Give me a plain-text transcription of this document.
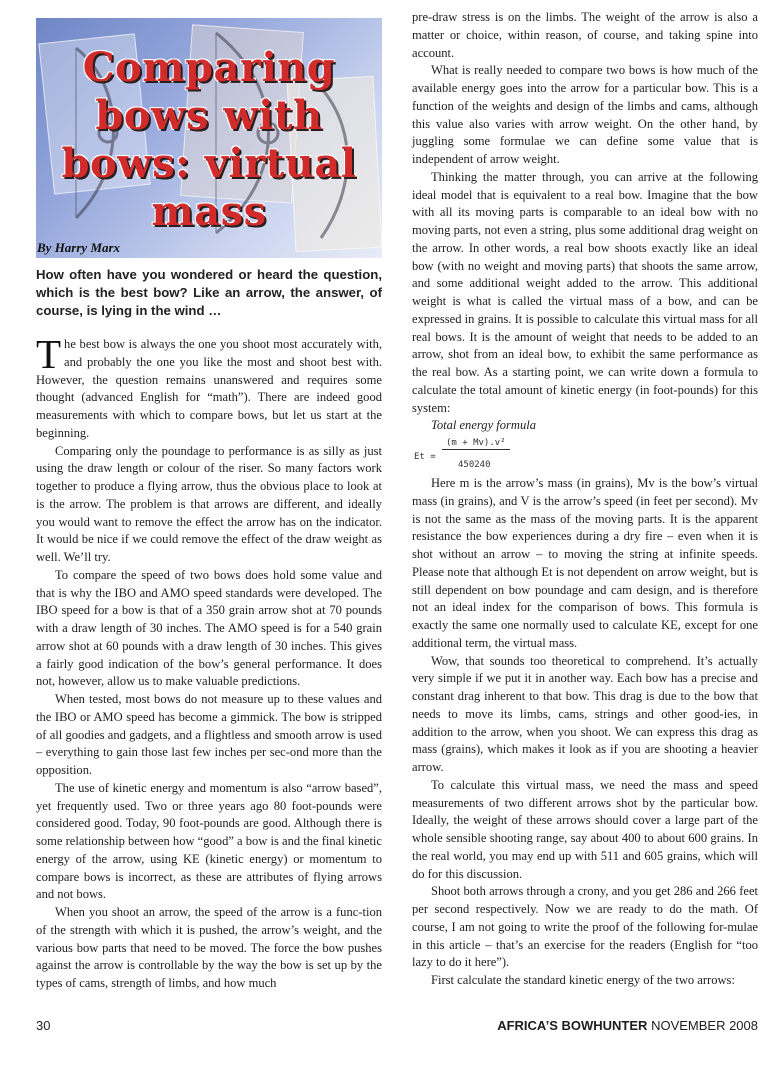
Comparing
bows with
bows: virtual
mass
By Harry Marx
How often have you wondered or heard the question, which is the best bow? Like an arrow, the answer, of course, is lying in the wind …

The best bow is always the one you shoot most accurately with, and probably the one you like the most and shoot best with. However, the question remains unanswered and requires some thought (advanced English for “math”). There are indeed good measurements with which to compare bows, but let us start at the beginning.

Comparing only the poundage to performance is as silly as just using the draw length or colour of the riser. So many factors work together to produce a flying arrow, thus the obvious place to look at is the arrow. The problem is that arrows are different, and ideally you would want to remove the effect the arrow has on the indicator. It would be nice if we could remove the effect of the draw weight as well. We’ll try.

To compare the speed of two bows does hold some value and that is why the IBO and AMO speed standards were developed. The IBO speed for a bow is that of a 350 grain arrow shot at 70 pounds with a draw length of 30 inches. The AMO speed is for a 540 grain arrow shot at 60 pounds with a draw length of 30 inches. This gives a fairly good indication of the bow’s general performance. It does not, however, allow us to make valuable predictions.

When tested, most bows do not measure up to these values and the IBO or AMO speed has become a gimmick. The bow is stripped of all goodies and gadgets, and a flightless and smooth arrow is used – everything to gain those last few inches per sec-ond more than the opposition.

The use of kinetic energy and momentum is also “arrow based”, yet frequently used. Two or three years ago 80 foot-pounds were considered good. Today, 90 foot-pounds are good. Although there is some relationship between how “good” a bow is and the final kinetic energy of the arrow, using KE (kinetic energy) or momentum to compare bows is incorrect, as these are attributes of flying arrows and not bows.

When you shoot an arrow, the speed of the arrow is a func-tion of the strength with which it is pushed, the arrow’s weight, and the various bow parts that need to be moved. The force the bow pushes against the arrow is controllable by the way the bow is set up by the types of cams, strength of limbs, and how much

pre-draw stress is on the limbs. The weight of the arrow is also a matter or choice, within reason, of course, and taking spine into account.

What is really needed to compare two bows is how much of the available energy goes into the arrow for a particular bow. This is a function of the weights and design of the limbs and cams, although this value also varies with arrow weight. On the other hand, by juggling some formulae we can define some value that is independent of arrow weight.

Thinking the matter through, you can arrive at the following ideal model that is equivalent to a real bow. Imagine that the bow with all its moving parts is comparable to an ideal bow with no moving parts, not even a string, plus some additional drag weight on the arrow. In other words, a real bow shoots exactly like an ideal bow (with no weight and moving parts) that shoots the same arrow, and some additional weight added to the arrow. This additional weight is what is called the virtual mass of a bow, and can be expressed in grains. It is possible to calculate this virtual mass for all real bows. It is the amount of weight that needs to be added to an arrow, shot from an ideal bow, to exhibit the same performance as the real bow. As a starting point, we can write down a formula to calculate the total amount of kinetic energy (in foot-pounds) for this system:

Total energy formula

Et =
(m + Mv).v²
450240

Here m is the arrow’s mass (in grains), Mv is the bow’s virtual mass (in grains), and V is the arrow’s speed (in feet per second). Mv is not the same as the mass of the moving parts. It is the apparent resistance the bow experiences during a dry fire – even when it is shot without an arrow – to moving the string at infinite speeds. Please note that although Et is not dependent on arrow weight, but is still dependent on bow poundage and cam design, and is therefore not an ideal index for the comparison of bows. This formula is exactly the same one normally used to calculate KE, except for one additional term, the virtual mass.

Wow, that sounds too theoretical to comprehend. It’s actually very simple if we put it in another way. Each bow has a precise and constant drag inherent to that bow. This drag is due to the bow that needs to move its limbs, cams, strings and other good-ies, in addition to the arrow, when you shoot. We can express this drag as mass (grains), which makes it look as if you are shooting a heavier arrow.

To calculate this virtual mass, we need the mass and speed measurements of two different arrows shot by the particular bow. Ideally, the weight of these arrows should cover a large part of the whole sensible shooting range, say about 400 to about 600 grains. In the real world, you may end up with 511 and 605 grains, which will do for this discussion.

Shoot both arrows through a crony, and you get 286 and 266 feet per second respectively. Now we are ready to do the math. Of course, I am not going to write the proof of the following for-mulae in this article – that’s an exercise for the readers (English for “too lazy to do it here”).

First calculate the standard kinetic energy of the two arrows:

30	AFRICA’S BOWHUNTER NOVEMBER 2008
